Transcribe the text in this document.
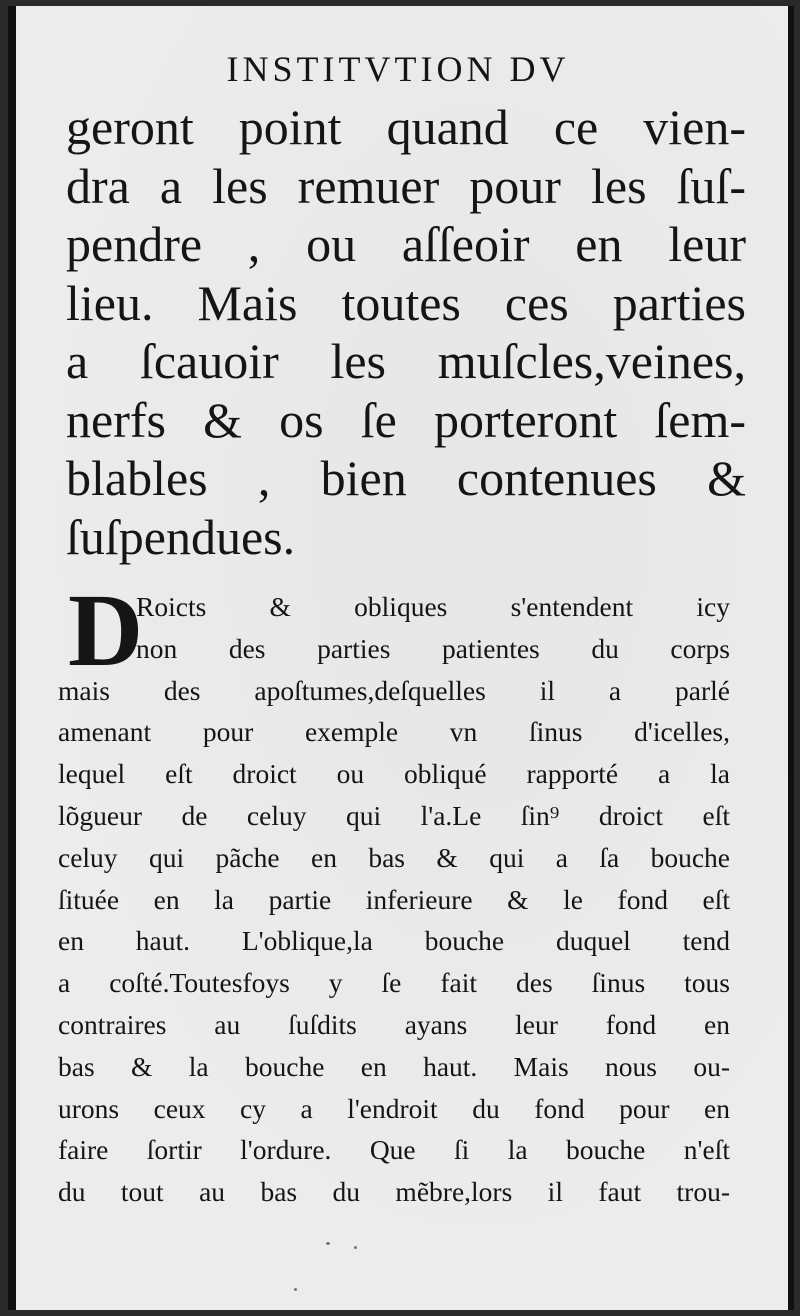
INSTITVTION DV
geront point quand ce vien-
dra a les remuer pour les ſuſ-
pendre , ou aſſeoir en leur
lieu. Mais toutes ces parties
a ſcauoir les muſcles,veines,
nerfs & os ſe porteront ſem-
blables , bien contenues &
ſuſpendues.
D
Roicts & obliques s'entendent icy
non des parties patientes du corps
mais des apoſtumes,deſquelles il a parlé
amenant pour exemple vn ſinus d'icelles,
lequel eſt droict ou obliqué rapporté a la
lõgueur de celuy qui l'a.Le ſin⁹ droict eſt
celuy qui pãche en bas & qui a ſa bouche
ſituée en la partie inferieure & le fond eſt
en haut. L'oblique,la bouche duquel tend
a coſté.Toutesfoys y ſe fait des ſinus tous
contraires au ſuſdits ayans leur fond en
bas & la bouche en haut. Mais nous ou-
urons ceux cy a l'endroit du fond pour en
faire ſortir l'ordure. Que ſi la bouche n'eſt
du tout au bas du mẽbre,lors il faut trou-
